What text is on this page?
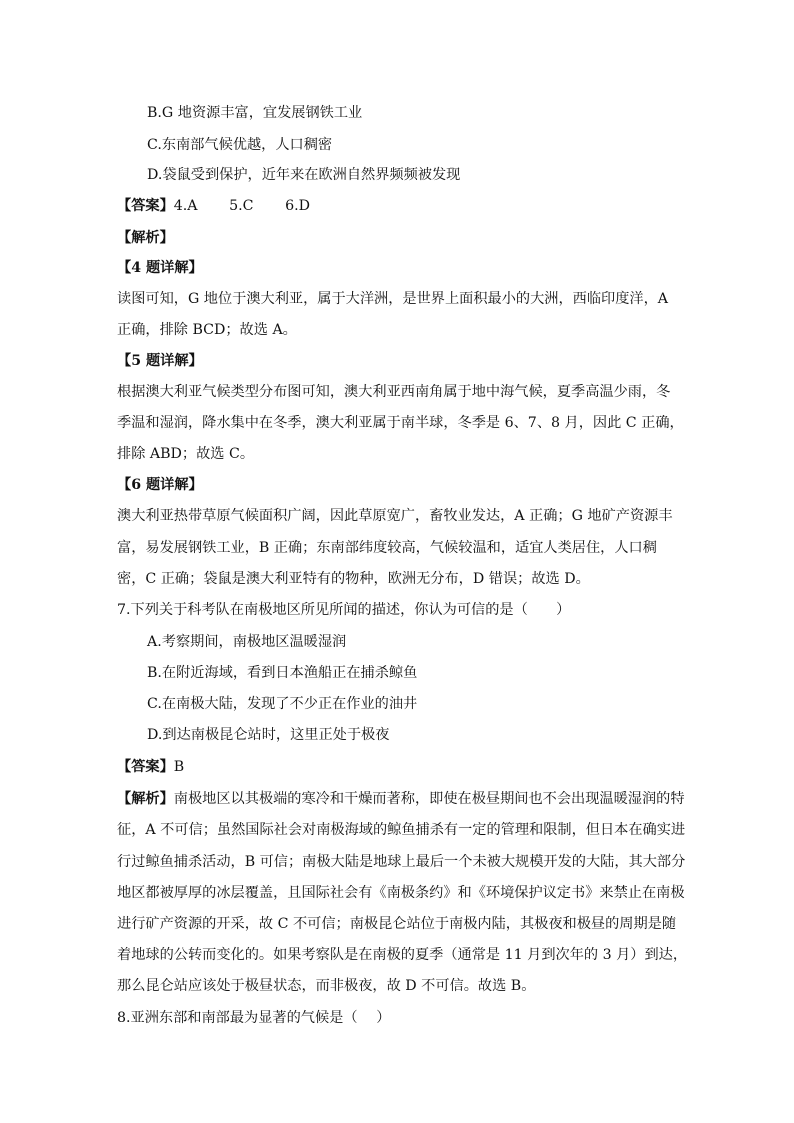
B.G 地资源丰富，宜发展钢铁工业
C.东南部气候优越，人口稠密
D.袋鼠受到保护，近年来在欧洲自然界频频被发现
【答案】4.A       5.C       6.D
【解析】
【4 题详解】
读图可知，G 地位于澳大利亚，属于大洋洲，是世界上面积最小的大洲，西临印度洋，A
正确，排除 BCD；故选 A。
【5 题详解】
根据澳大利亚气候类型分布图可知，澳大利亚西南角属于地中海气候，夏季高温少雨，冬
季温和湿润，降水集中在冬季，澳大利亚属于南半球，冬季是 6、7、8 月，因此 C 正确，
排除 ABD；故选 C。
【6 题详解】
澳大利亚热带草原气候面积广阔，因此草原宽广，畜牧业发达，A 正确；G 地矿产资源丰
富，易发展钢铁工业，B 正确；东南部纬度较高，气候较温和，适宜人类居住，人口稠
密，C 正确；袋鼠是澳大利亚特有的物种，欧洲无分布，D 错误；故选 D。
7.下列关于科考队在南极地区所见所闻的描述，你认为可信的是（　　）
A.考察期间，南极地区温暖湿润
B.在附近海域，看到日本渔船正在捕杀鲸鱼
C.在南极大陆，发现了不少正在作业的油井
D.到达南极昆仑站时，这里正处于极夜
【答案】B
【解析】南极地区以其极端的寒冷和干燥而著称，即使在极昼期间也不会出现温暖湿润的特
征，A 不可信；虽然国际社会对南极海域的鲸鱼捕杀有一定的管理和限制，但日本在确实进
行过鲸鱼捕杀活动，B 可信；南极大陆是地球上最后一个未被大规模开发的大陆，其大部分
地区都被厚厚的冰层覆盖，且国际社会有《南极条约》和《环境保护议定书》来禁止在南极
进行矿产资源的开采，故 C 不可信；南极昆仑站位于南极内陆，其极夜和极昼的周期是随
着地球的公转而变化的。如果考察队是在南极的夏季（通常是 11 月到次年的 3 月）到达，
那么昆仑站应该处于极昼状态，而非极夜，故 D 不可信。故选 B。
8.亚洲东部和南部最为显著的气候是（　 ）
